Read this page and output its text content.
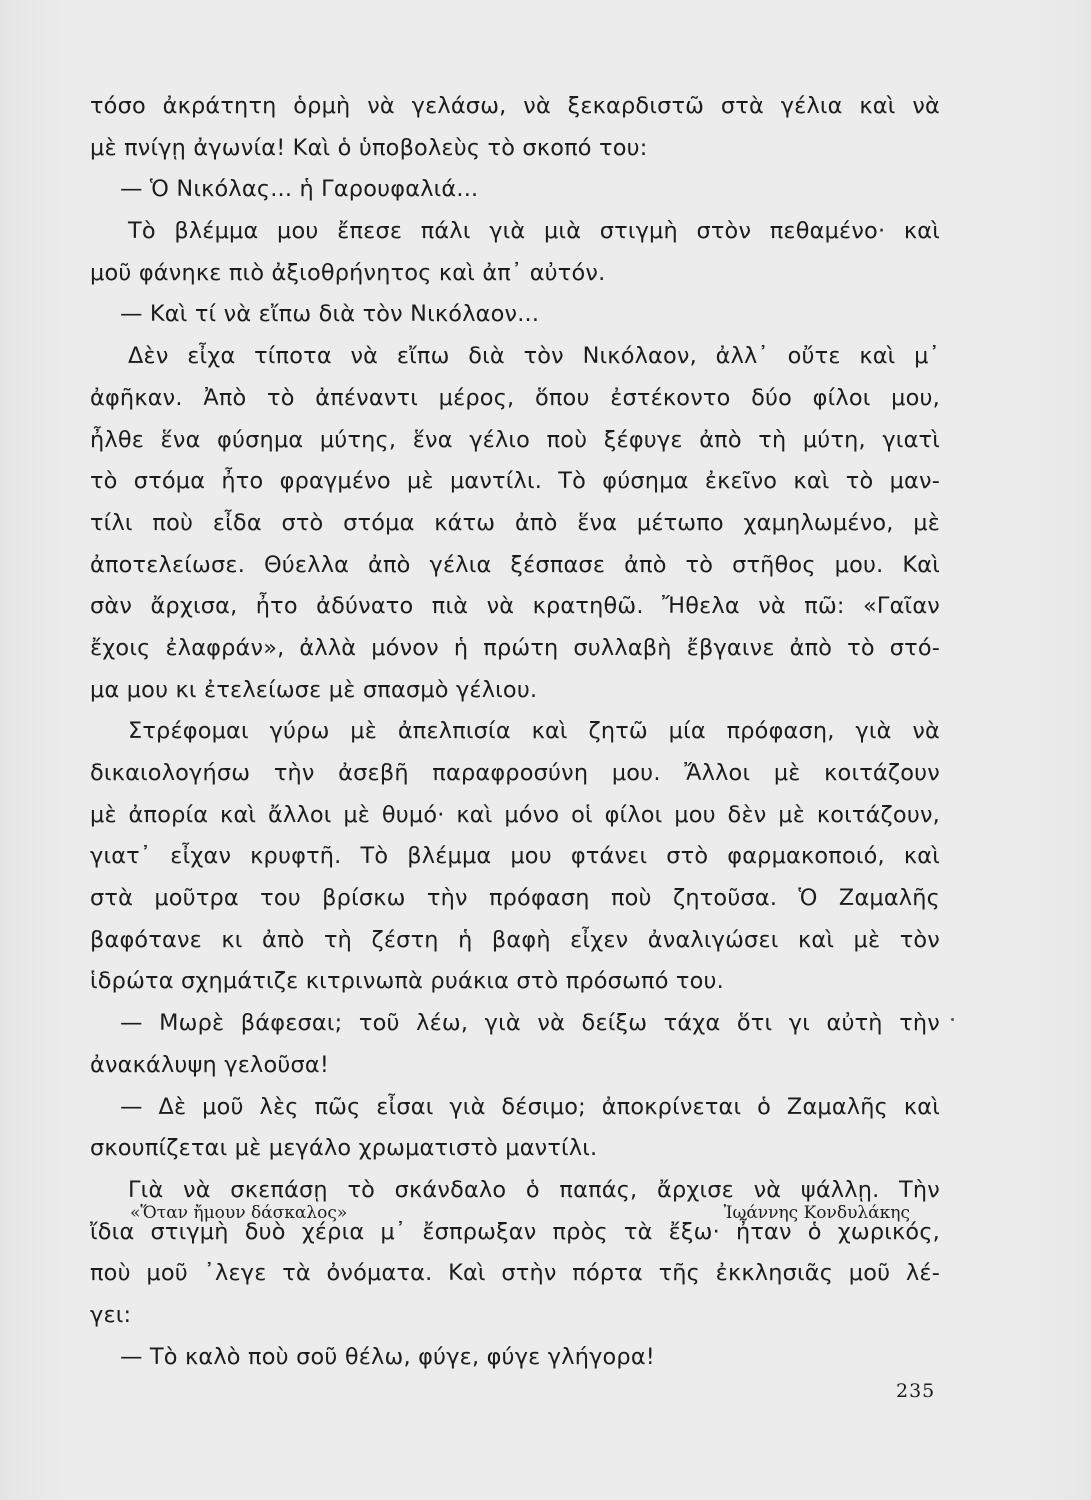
τόσο ἀκράτητη ὁρμὴ νὰ γελάσω, νὰ ξεκαρδιστῶ στὰ γέλια καὶ νὰ
μὲ πνίγῃ ἀγωνία! Καὶ ὁ ὑποβολεὺς τὸ σκοπό του:
— Ὁ Νικόλας... ἡ Γαρουφαλιά...
Τὸ βλέμμα μου ἔπεσε πάλι γιὰ μιὰ στιγμὴ στὸν πεθαμένο· καὶ
μοῦ φάνηκε πιὸ ἀξιοθρήνητος καὶ ἀπ᾿ αὐτόν.
— Καὶ τί νὰ εἴπω διὰ τὸν Νικόλαον...
Δὲν εἶχα τίποτα νὰ εἴπω διὰ τὸν Νικόλαον, ἀλλ᾿ οὔτε καὶ μ᾿
ἀφῆκαν. Ἀπὸ τὸ ἀπέναντι μέρος, ὅπου ἐστέκοντο δύο φίλοι μου,
ἦλθε ἕνα φύσημα μύτης, ἕνα γέλιο ποὺ ξέφυγε ἀπὸ τὴ μύτη, γιατὶ
τὸ στόμα ἦτο φραγμένο μὲ μαντίλι. Τὸ φύσημα ἐκεῖνο καὶ τὸ μαν-
τίλι ποὺ εἶδα στὸ στόμα κάτω ἀπὸ ἕνα μέτωπο χαμηλωμένο, μὲ
ἀποτελείωσε. Θύελλα ἀπὸ γέλια ξέσπασε ἀπὸ τὸ στῆθος μου. Καὶ
σὰν ἄρχισα, ἦτο ἀδύνατο πιὰ νὰ κρατηθῶ. Ἤθελα νὰ πῶ: «Γαῖαν
ἔχοις ἐλαφράν», ἀλλὰ μόνον ἡ πρώτη συλλαβὴ ἔβγαινε ἀπὸ τὸ στό-
μα μου κι ἐτελείωσε μὲ σπασμὸ γέλιου.
Στρέφομαι γύρω μὲ ἀπελπισία καὶ ζητῶ μία πρόφαση, γιὰ νὰ
δικαιολογήσω τὴν ἀσεβῆ παραφροσύνη μου. Ἄλλοι μὲ κοιτάζουν
μὲ ἀπορία καὶ ἄλλοι μὲ θυμό· καὶ μόνο οἱ φίλοι μου δὲν μὲ κοιτάζουν,
γιατ᾿ εἶχαν κρυφτῆ. Τὸ βλέμμα μου φτάνει στὸ φαρμακοποιό, καὶ
στὰ μοῦτρα του βρίσκω τὴν πρόφαση ποὺ ζητοῦσα. Ὁ Ζαμαλῆς
βαφότανε κι ἀπὸ τὴ ζέστη ἡ βαφὴ εἶχεν ἀναλιγώσει καὶ μὲ τὸν
ἱδρώτα σχημάτιζε κιτρινωπὰ ρυάκια στὸ πρόσωπό του.
— Μωρὲ βάφεσαι; τοῦ λέω, γιὰ νὰ δείξω τάχα ὅτι γι αὐτὴ τὴν
ἀνακάλυψη γελοῦσα!
— Δὲ μοῦ λὲς πῶς εἶσαι γιὰ δέσιμο; ἀποκρίνεται ὁ Ζαμαλῆς καὶ
σκουπίζεται μὲ μεγάλο χρωματιστὸ μαντίλι.
Γιὰ νὰ σκεπάσῃ τὸ σκάνδαλο ὁ παπάς, ἄρχισε νὰ ψάλλῃ. Τὴν
ἴδια στιγμὴ δυὸ χέρια μ᾿ ἔσπρωξαν πρὸς τὰ ἔξω· ἦταν ὁ χωρικός,
ποὺ μοῦ ᾿λεγε τὰ ὀνόματα. Καὶ στὴν πόρτα τῆς ἐκκλησιᾶς μοῦ λέ-
γει:
— Τὸ καλὸ ποὺ σοῦ θέλω, φύγε, φύγε γλήγορα!
«Ὅταν ἤμουν δάσκαλος»	Ἰωάννης Κονδυλάκης
235
